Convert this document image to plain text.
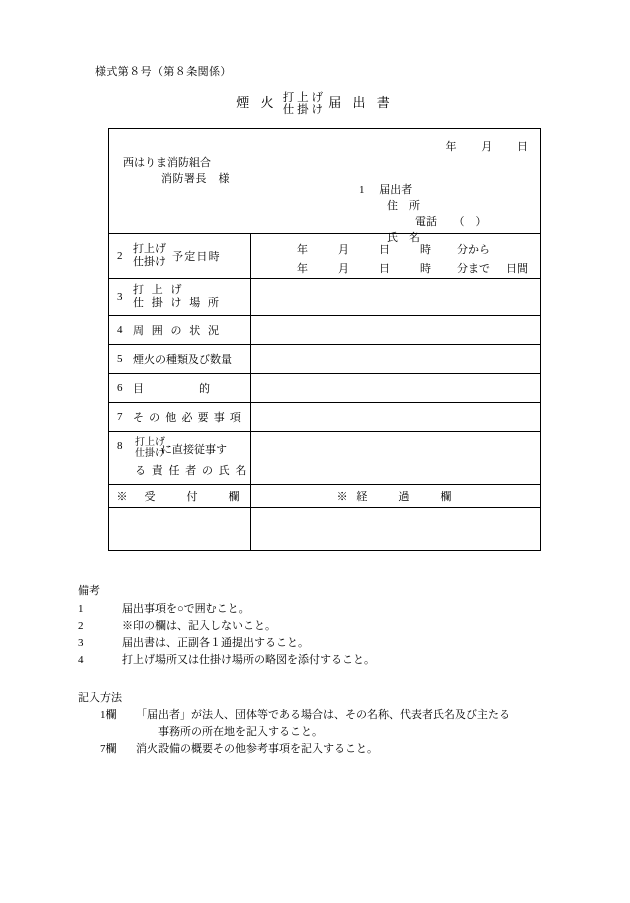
様式第８号（第８条関係）
煙 火 打 上 げ
仕 掛 け
届 出 書
年 月 日
西はりま消防組合
消防署長　様
1 届出者
住　所
電話　　（　）
氏　名

2
打上げ
仕掛け 予定日時

年	月	日	時 分から
年	月	日	時 分まで 日間

3
打 上 げ
仕 掛 け 場 所	

4 周 囲 の 状 況	

5 煙火の種類及び数量	

6 目　　　　　的	

7 そ の 他 必 要 事 項	

8 打上げ
仕掛け
に直接従事す
る 責 任 者 の 氏 名	

※　受　　付　　欄	※ 経　　過　　欄

備考
1	届出事項を○で囲むこと。
2	※印の欄は、記入しないこと。
3	届出書は、正副各１通提出すること。
4	打上げ場所又は仕掛け場所の略図を添付すること。
記入方法
1欄 「届出者」が法人、団体等である場合は、その名称、代表者氏名及び主たる
事務所の所在地を記入すること。
7欄 消火設備の概要その他参考事項を記入すること。
